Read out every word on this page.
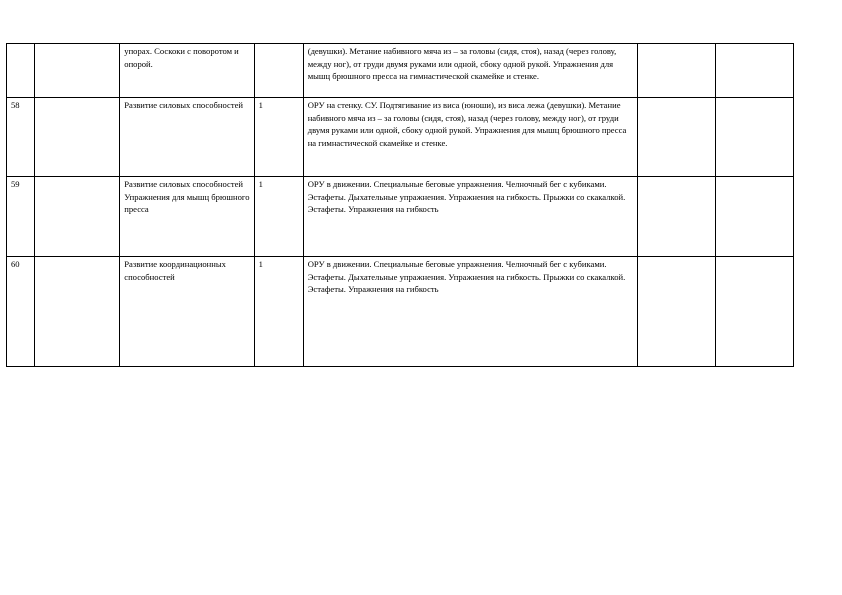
		упорах. Соскоки с поворотом и опорой.		(девушки). Метание набивного мяча из – за головы (сидя, стоя), назад (через голову, между ног), от груди двумя руками или одной, сбоку одной рукой. Упражнения для мышц брюшного пресса на гимнастической скамейке и стенке.		
58		Развитие силовых способностей	1	ОРУ на стенку. СУ. Подтягивание из виса (юноши), из виса лежа (девушки). Метание набивного мяча из – за головы (сидя, стоя), назад (через голову, между ног), от груди двумя руками или одной, сбоку одной рукой. Упражнения для мышц брюшного пресса на гимнастической скамейке и стенке.		
59		Развитие силовых способностей Упражнения для мышц брюшного пресса	1	ОРУ в движении. Специальные беговые упражнения. Челночный бег с кубиками. Эстафеты. Дыхательные упражнения. Упражнения на гибкость. Прыжки со скакалкой. Эстафеты. Упражнения на гибкость		
60		Развитие координационных способностей	1	ОРУ в движении. Специальные беговые упражнения. Челночный бег с кубиками. Эстафеты. Дыхательные упражнения. Упражнения на гибкость. Прыжки со скакалкой. Эстафеты. Упражнения на гибкость		
